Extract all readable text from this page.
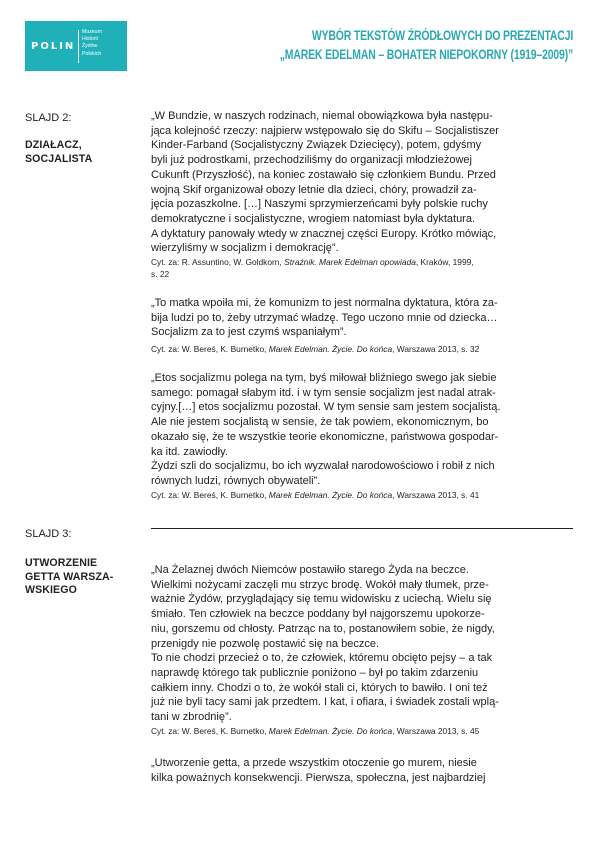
POLIN
Muzeum
Historii
Żydów
Polskich
WYBÓR TEKSTÓW ŹRÓDŁOWYCH DO PREZENTACJI
„MAREK EDELMAN – BOHATER NIEPOKORNY (1919–2009)”
SLAJD 2:
DZIAŁACZ,
SOCJALISTA
„W Bundzie, w naszych rodzinach, niemal obowiązkowa była następu-
jąca kolejność rzeczy: najpierw wstępowało się do Skifu – Socjalistiszer
Kinder-Farband (Socjalistyczny Związek Dziecięcy), potem, gdyśmy
byli już podrostkami, przechodziliśmy do organizacji młodzieżowej
Cukunft (Przyszłość), na koniec zostawało się członkiem Bundu. Przed
wojną Skif organizował obozy letnie dla dzieci, chóry, prowadził za-
jęcia pozaszkolne. […] Naszymi sprzymierzeńcami były polskie ruchy
demokratyczne i socjalistyczne, wrogiem natomiast była dyktatura.
A dyktatury panowały wtedy w znacznej części Europy. Krótko mówiąc,
wierzyliśmy w socjalizm i demokrację”.
Cyt. za: R. Assuntino, W. Goldkorn, Strażnik. Marek Edelman opowiada, Kraków, 1999,
s. 22
„To matka wpoiła mi, że komunizm to jest normalna dyktatura, która za-
bija ludzi po to, żeby utrzymać władzę. Tego uczono mnie od dziecka…
Socjalizm za to jest czymś wspaniałym”.
Cyt. za: W. Bereś, K. Burnetko, Marek Edelman. Życie. Do końca, Warszawa 2013, s. 32
„Etos socjalizmu polega na tym, byś miłował bliźniego swego jak siebie
samego: pomagał słabym itd. i w tym sensie socjalizm jest nadal atrak-
cyjny.[…] etos socjalizmu pozostał. W tym sensie sam jestem socjalistą.
Ale nie jestem socjalistą w sensie, że tak powiem, ekonomicznym, bo
okazało się, że te wszystkie teorie ekonomiczne, państwowa gospodar-
ka itd. zawiodły.
Żydzi szli do socjalizmu, bo ich wyzwalał narodowościowo i robił z nich
równych ludzi, równych obywateli”.
Cyt. za: W. Bereś, K. Burnetko, Marek Edelman. Życie. Do końca, Warszawa 2013, s. 41
SLAJD 3:
UTWORZENIE
GETTA WARSZA-
WSKIEGO
„Na Żelaznej dwóch Niemców postawiło starego Żyda na beczce.
Wielkimi nożycami zaczęli mu strzyc brodę. Wokół mały tłumek, prze-
ważnie Żydów, przyglądający się temu widowisku z uciechą. Wielu się
śmiało. Ten człowiek na beczce poddany był najgorszemu upokorze-
niu, gorszemu od chłosty. Patrząc na to, postanowiłem sobie, że nigdy,
przenigdy nie pozwolę postawić się na beczce.
To nie chodzi przecież o to, że człowiek, któremu obcięto pejsy – a tak
naprawdę którego tak publicznie poniżono – był po takim zdarzeniu
całkiem inny. Chodzi o to, że wokół stali ci, których to bawiło. I oni też
już nie byli tacy sami jak przedtem. I kat, i ofiara, i świadek zostali wplą-
tani w zbrodnię”.
Cyt. za: W. Bereś, K. Burnetko, Marek Edelman. Życie. Do końca, Warszawa 2013, s. 45
„Utworzenie getta, a przede wszystkim otoczenie go murem, niesie
kilka poważnych konsekwencji. Pierwsza, społeczna, jest najbardziej
